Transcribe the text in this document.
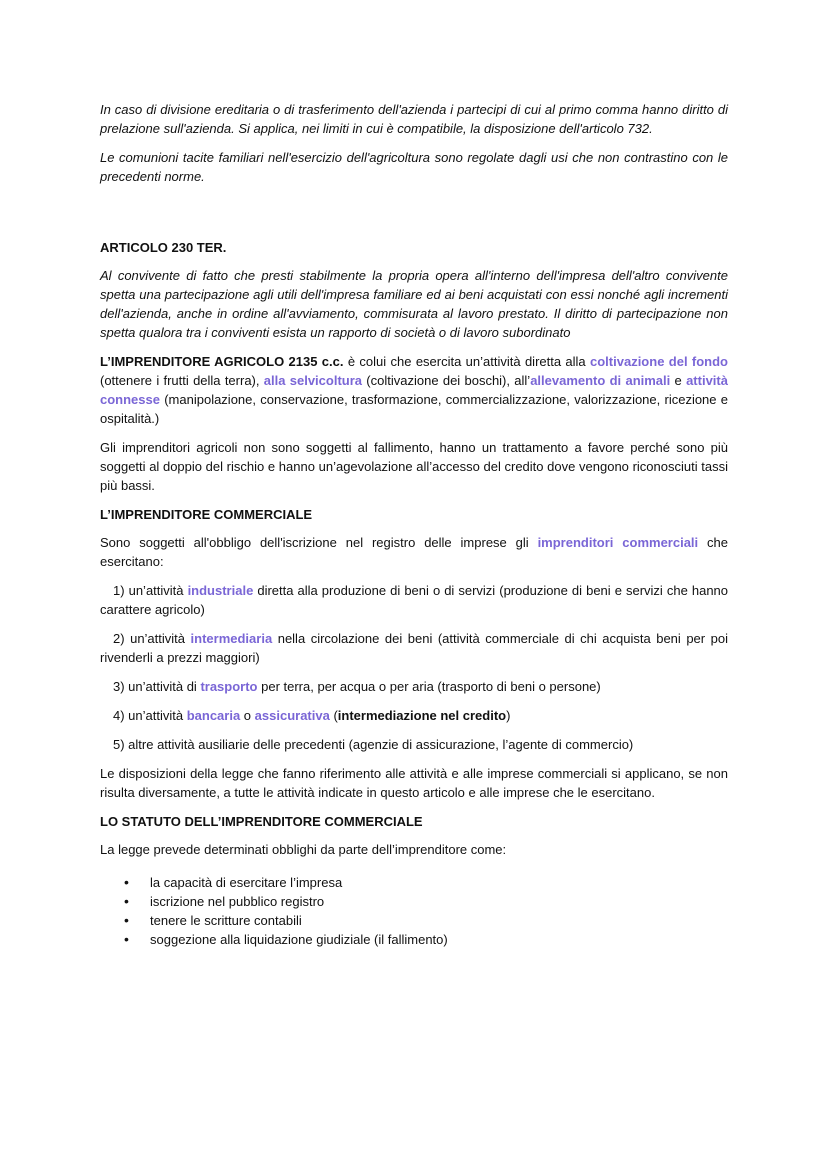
In caso di divisione ereditaria o di trasferimento dell'azienda i partecipi di cui al primo comma hanno diritto di prelazione sull'azienda. Si applica, nei limiti in cui è compatibile, la disposizione dell'articolo 732.

Le comunioni tacite familiari nell'esercizio dell'agricoltura sono regolate dagli usi che non contrastino con le precedenti norme.

ARTICOLO 230 TER.

Al convivente di fatto che presti stabilmente la propria opera all'interno dell'impresa dell'altro convivente spetta una partecipazione agli utili dell'impresa familiare ed ai beni acquistati con essi nonché agli incrementi dell'azienda, anche in ordine all'avviamento, commisurata al lavoro prestato. Il diritto di partecipazione non spetta qualora tra i conviventi esista un rapporto di società o di lavoro subordinato

L’IMPRENDITORE AGRICOLO 2135 c.c. è colui che esercita un’attività diretta alla coltivazione del fondo (ottenere i frutti della terra), alla selvicoltura (coltivazione dei boschi), all’allevamento di animali e attività connesse (manipolazione, conservazione, trasformazione, commercializzazione, valorizzazione, ricezione e ospitalità.)

Gli imprenditori agricoli non sono soggetti al fallimento, hanno un trattamento a favore perché sono più soggetti al doppio del rischio e hanno un’agevolazione all’accesso del credito dove vengono riconosciuti tassi più bassi.

L’IMPRENDITORE COMMERCIALE

Sono soggetti all'obbligo dell'iscrizione nel registro delle imprese gli imprenditori commerciali che esercitano:

1) un’attività industriale diretta alla produzione di beni o di servizi (produzione di beni e servizi che hanno carattere agricolo)

2) un’attività intermediaria nella circolazione dei beni (attività commerciale di chi acquista beni per poi rivenderli a prezzi maggiori)

3) un’attività di trasporto per terra, per acqua o per aria (trasporto di beni o persone)

4) un’attività bancaria o assicurativa (intermediazione nel credito)

5) altre attività ausiliarie delle precedenti (agenzie di assicurazione, l’agente di commercio)

Le disposizioni della legge che fanno riferimento alle attività e alle imprese commerciali si applicano, se non risulta diversamente, a tutte le attività indicate in questo articolo e alle imprese che le esercitano.

LO STATUTO DELL’IMPRENDITORE COMMERCIALE

La legge prevede determinati obblighi da parte dell’imprenditore come:

• la capacità di esercitare l’impresa
• iscrizione nel pubblico registro
• tenere le scritture contabili
• soggezione alla liquidazione giudiziale (il fallimento)
